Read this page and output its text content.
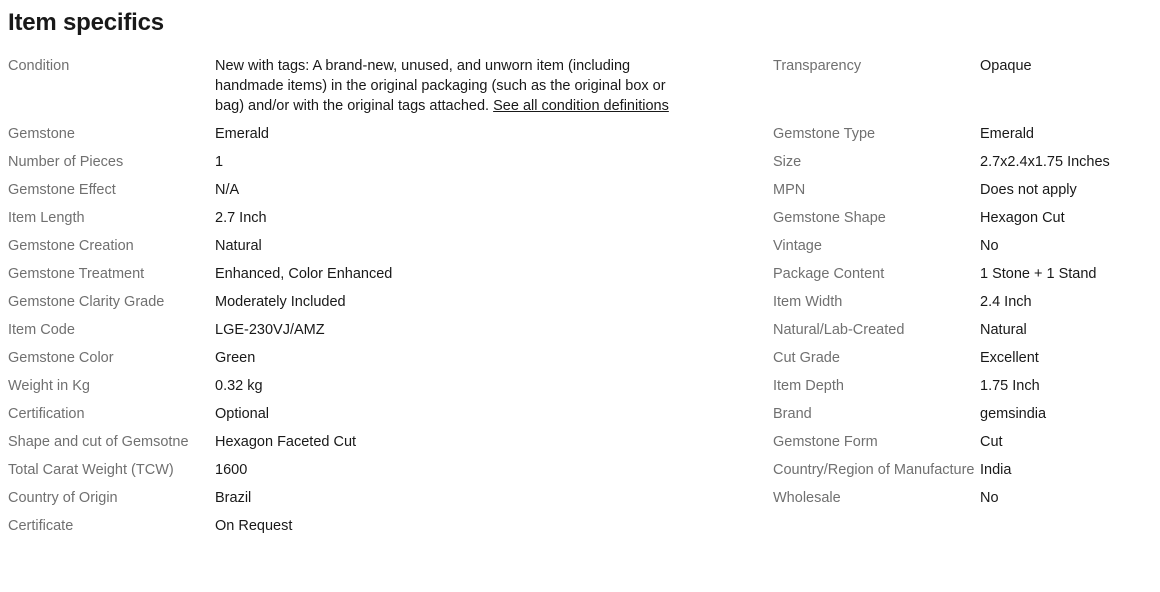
Item specifics
Condition	New with tags: A brand-new, unused, and unworn item (including handmade items) in the original packaging (such as the original box or bag) and/or with the original tags attached. See all condition definitions
Transparency	Opaque
Gemstone	Emerald	Gemstone Type	Emerald
Number of Pieces	1	Size	2.7x2.4x1.75 Inches
Gemstone Effect	N/A	MPN	Does not apply
Item Length	2.7 Inch	Gemstone Shape	Hexagon Cut
Gemstone Creation	Natural	Vintage	No
Gemstone Treatment	Enhanced, Color Enhanced	Package Content	1 Stone + 1 Stand
Gemstone Clarity Grade	Moderately Included	Item Width	2.4 Inch
Item Code	LGE-230VJ/AMZ	Natural/Lab-Created	Natural
Gemstone Color	Green	Cut Grade	Excellent
Weight in Kg	0.32 kg	Item Depth	1.75 Inch
Certification	Optional	Brand	gemsindia
Shape and cut of Gemsotne	Hexagon Faceted Cut	Gemstone Form	Cut
Total Carat Weight (TCW)	1600	Country/Region of Manufacture India
Country of Origin	Brazil	Wholesale	No
Certificate	On Request
